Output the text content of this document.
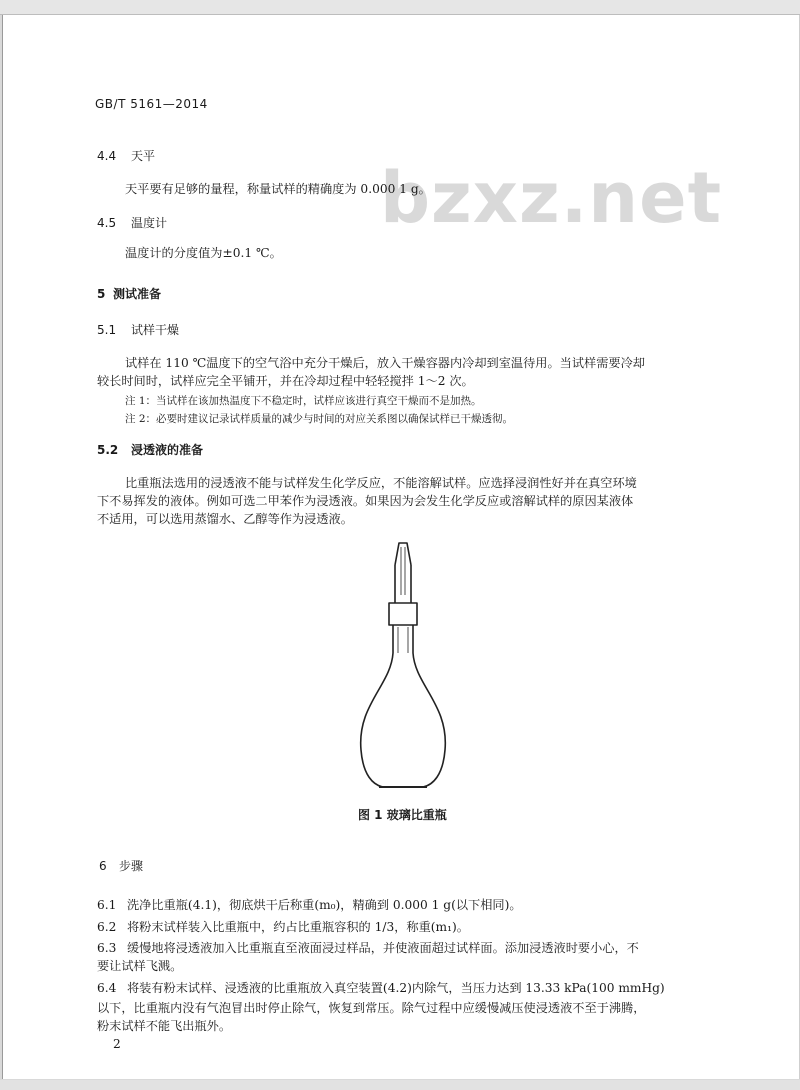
bzxz.net
GB/T 5161—2014
4.4 天平
天平要有足够的量程，称量试样的精确度为 0.000 1 g。
4.5 温度计
温度计的分度值为±0.1 ℃。
5 测试准备
5.1 试样干燥
试样在 110 ℃温度下的空气浴中充分干燥后，放入干燥容器内冷却到室温待用。当试样需要冷却
较长时间时，试样应完全平铺开，并在冷却过程中轻轻搅拌 1～2 次。
注 1：当试样在该加热温度下不稳定时，试样应该进行真空干燥而不是加热。
注 2：必要时建议记录试样质量的减少与时间的对应关系图以确保试样已干燥透彻。
5.2 浸透液的准备
比重瓶法选用的浸透液不能与试样发生化学反应，不能溶解试样。应选择浸润性好并在真空环境
下不易挥发的液体。例如可选二甲苯作为浸透液。如果因为会发生化学反应或溶解试样的原因某液体
不适用，可以选用蒸馏水、乙醇等作为浸透液。
图 1 玻璃比重瓶
6 步骤
6.1 洗净比重瓶(4.1)，彻底烘干后称重(m₀)，精确到 0.000 1 g(以下相同)。
6.2 将粉末试样装入比重瓶中，约占比重瓶容积的 1/3，称重(m₁)。
6.3 缓慢地将浸透液加入比重瓶直至液面浸过样品，并使液面超过试样面。添加浸透液时要小心，不
要让试样飞溅。
6.4 将装有粉末试样、浸透液的比重瓶放入真空装置(4.2)内除气，当压力达到 13.33 kPa(100 mmHg)
以下，比重瓶内没有气泡冒出时停止除气，恢复到常压。除气过程中应缓慢减压使浸透液不至于沸腾，
粉末试样不能飞出瓶外。
2
